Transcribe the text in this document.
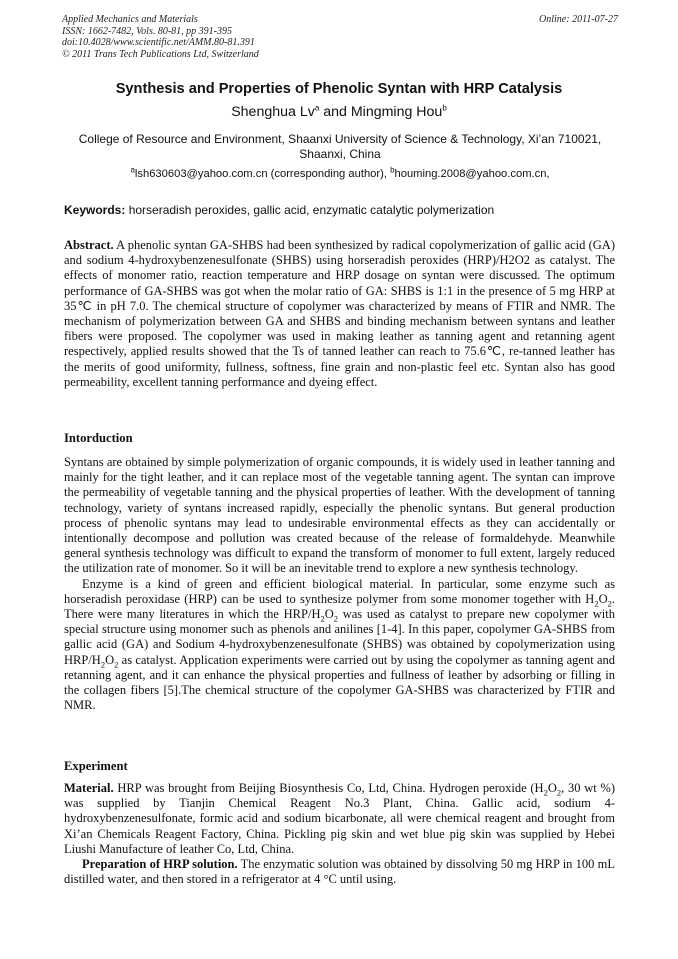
Applied Mechanics and Materials
ISSN: 1662-7482, Vols. 80-81, pp 391-395
doi:10.4028/www.scientific.net/AMM.80-81.391
© 2011 Trans Tech Publications Ltd, Switzerland
Online: 2011-07-27
Synthesis and Properties of Phenolic Syntan with HRP Catalysis
Shenghua Lv$^a$ and Mingming Hou$^b$
College of Resource and Environment, Shaanxi University of Science & Technology, Xi’an 710021, Shaanxi, China
$^a$lsh630603@yahoo.com.cn (corresponding author), $^b$houming.2008@yahoo.com.cn,
Keywords: horseradish peroxides, gallic acid, enzymatic catalytic polymerization

Abstract. A phenolic syntan GA-SHBS had been synthesized by radical copolymerization of gallic acid (GA) and sodium 4-hydroxybenzenesulfonate (SHBS) using horseradish peroxides (HRP)/H2O2 as catalyst. The effects of monomer ratio, reaction temperature and HRP dosage on syntan were discussed. The optimum performance of GA-SHBS was got when the molar ratio of GA: SHBS is 1:1 in the presence of 5 mg HRP at 35℃ in pH 7.0. The chemical structure of copolymer was characterized by means of FTIR and NMR. The mechanism of polymerization between GA and SHBS and binding mechanism between syntans and leather fibers were proposed. The copolymer was used in making leather as tanning agent and retanning agent respectively, applied results showed that the Ts of tanned leather can reach to 75.6℃, re-tanned leather has the merits of good uniformity, fullness, softness, fine grain and non-plastic feel etc. Syntan also has good permeability, excellent tanning performance and dyeing effect.

Intorduction

Syntans are obtained by simple polymerization of organic compounds, it is widely used in leather tanning and mainly for the tight leather, and it can replace most of the vegetable tanning agent. The syntan can improve the permeability of vegetable tanning and the physical properties of leather. With the development of tanning technology, variety of syntans increased rapidly, especially the phenolic syntans. But general production process of phenolic syntans may lead to undesirable environmental effects as they can accidentally or intentionally decompose and pollution was created because of the release of formaldehyde. Meanwhile general synthesis technology was difficult to expand the transform of monomer to full extent, largely reduced the utilization rate of monomer. So it will be an inevitable trend to explore a new synthesis technology.

Enzyme is a kind of green and efficient biological material. In particular, some enzyme such as horseradish peroxidase (HRP) can be used to synthesize polymer from some monomer together with $H_2O_2$. There were many literatures in which the HRP/$H_2O_2$ was used as catalyst to prepare new copolymer with special structure using monomer such as phenols and anilines [1-4]. In this paper, copolymer GA-SHBS from gallic acid (GA) and Sodium 4-hydroxybenzenesulfonate (SHBS) was obtained by copolymerization using HRP/$H_2O_2$ as catalyst. Application experiments were carried out by using the copolymer as tanning agent and retanning agent, and it can enhance the physical properties and fullness of leather by adsorbing or filling in the collagen fibers [5].The chemical structure of the copolymer GA-SHBS was characterized by FTIR and NMR.

Experiment

Material. HRP was brought from Beijing Biosynthesis Co, Ltd, China. Hydrogen peroxide ($H_2O_2$, 30 wt %) was supplied by Tianjin Chemical Reagent No.3 Plant, China. Gallic acid, sodium 4-hydroxybenzenesulfonate, formic acid and sodium bicarbonate, all were chemical reagent and brought from Xi’an Chemicals Reagent Factory, China. Pickling pig skin and wet blue pig skin was supplied by Hebei Liushi Manufacture of leather Co, Ltd, China.

Preparation of HRP solution. The enzymatic solution was obtained by dissolving 50 mg HRP in 100 mL distilled water, and then stored in a refrigerator at 4 °C until using.
